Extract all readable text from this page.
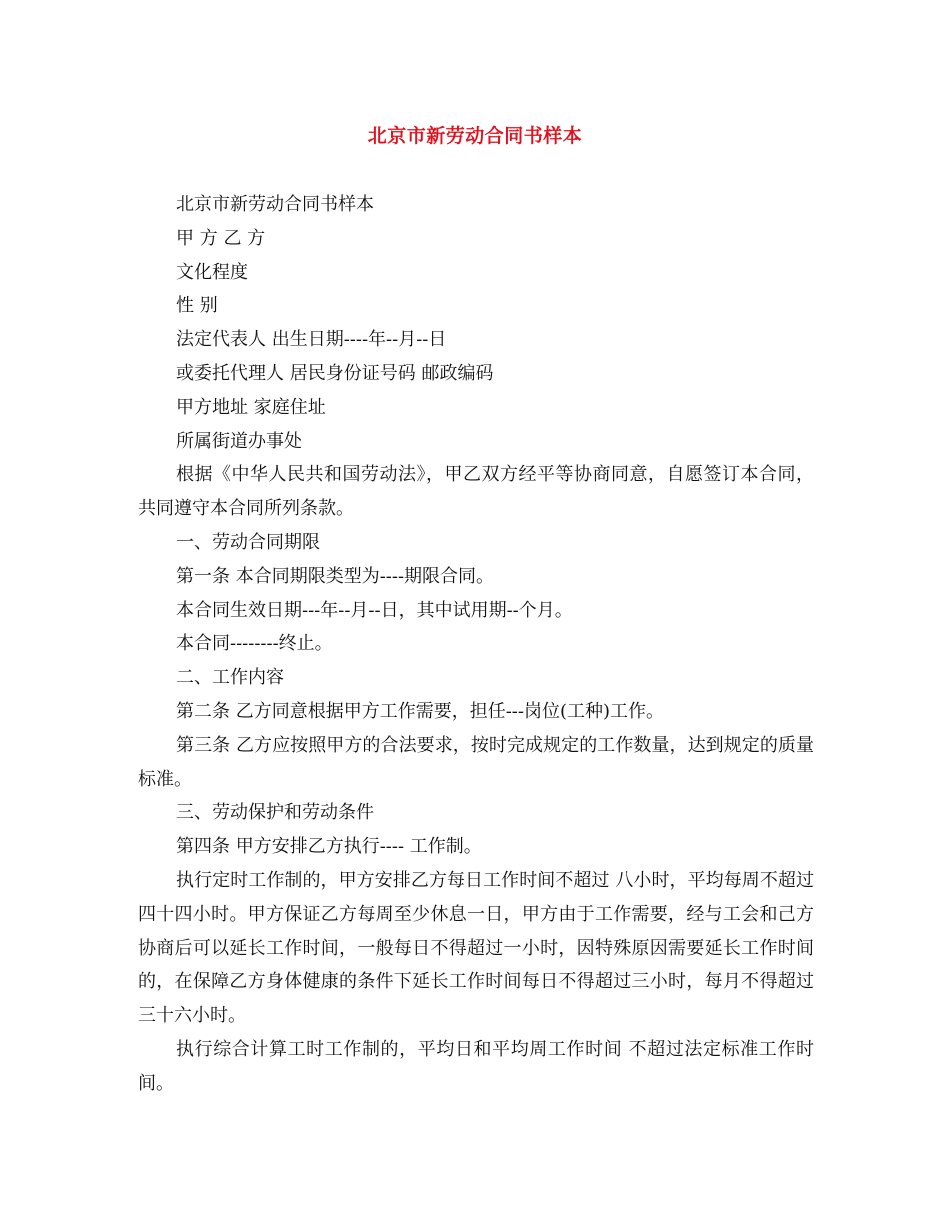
北京市新劳动合同书样本

北京市新劳动合同书样本

甲 方 乙 方

文化程度

性 别

法定代表人 出生日期----年--月--日

或委托代理人 居民身份证号码 邮政编码

甲方地址 家庭住址

所属街道办事处

根据《中华人民共和国劳动法》，甲乙双方经平等协商同意，自愿签订本合同，共同遵守本合同所列条款。

一、劳动合同期限

第一条 本合同期限类型为----期限合同。

本合同生效日期---年--月--日，其中试用期--个月。

本合同--------终止。

二、工作内容

第二条 乙方同意根据甲方工作需要，担任---岗位(工种)工作。

第三条 乙方应按照甲方的合法要求，按时完成规定的工作数量，达到规定的质量标准。

三、劳动保护和劳动条件

第四条 甲方安排乙方执行---- 工作制。

执行定时工作制的，甲方安排乙方每日工作时间不超过 八小时，平均每周不超过四十四小时。甲方保证乙方每周至少休息一日，甲方由于工作需要，经与工会和己方协商后可以延长工作时间，一般每日不得超过一小时，因特殊原因需要延长工作时间的，在保障乙方身体健康的条件下延长工作时间每日不得超过三小时，每月不得超过三十六小时。

执行综合计算工时工作制的，平均日和平均周工作时间 不超过法定标准工作时间。
